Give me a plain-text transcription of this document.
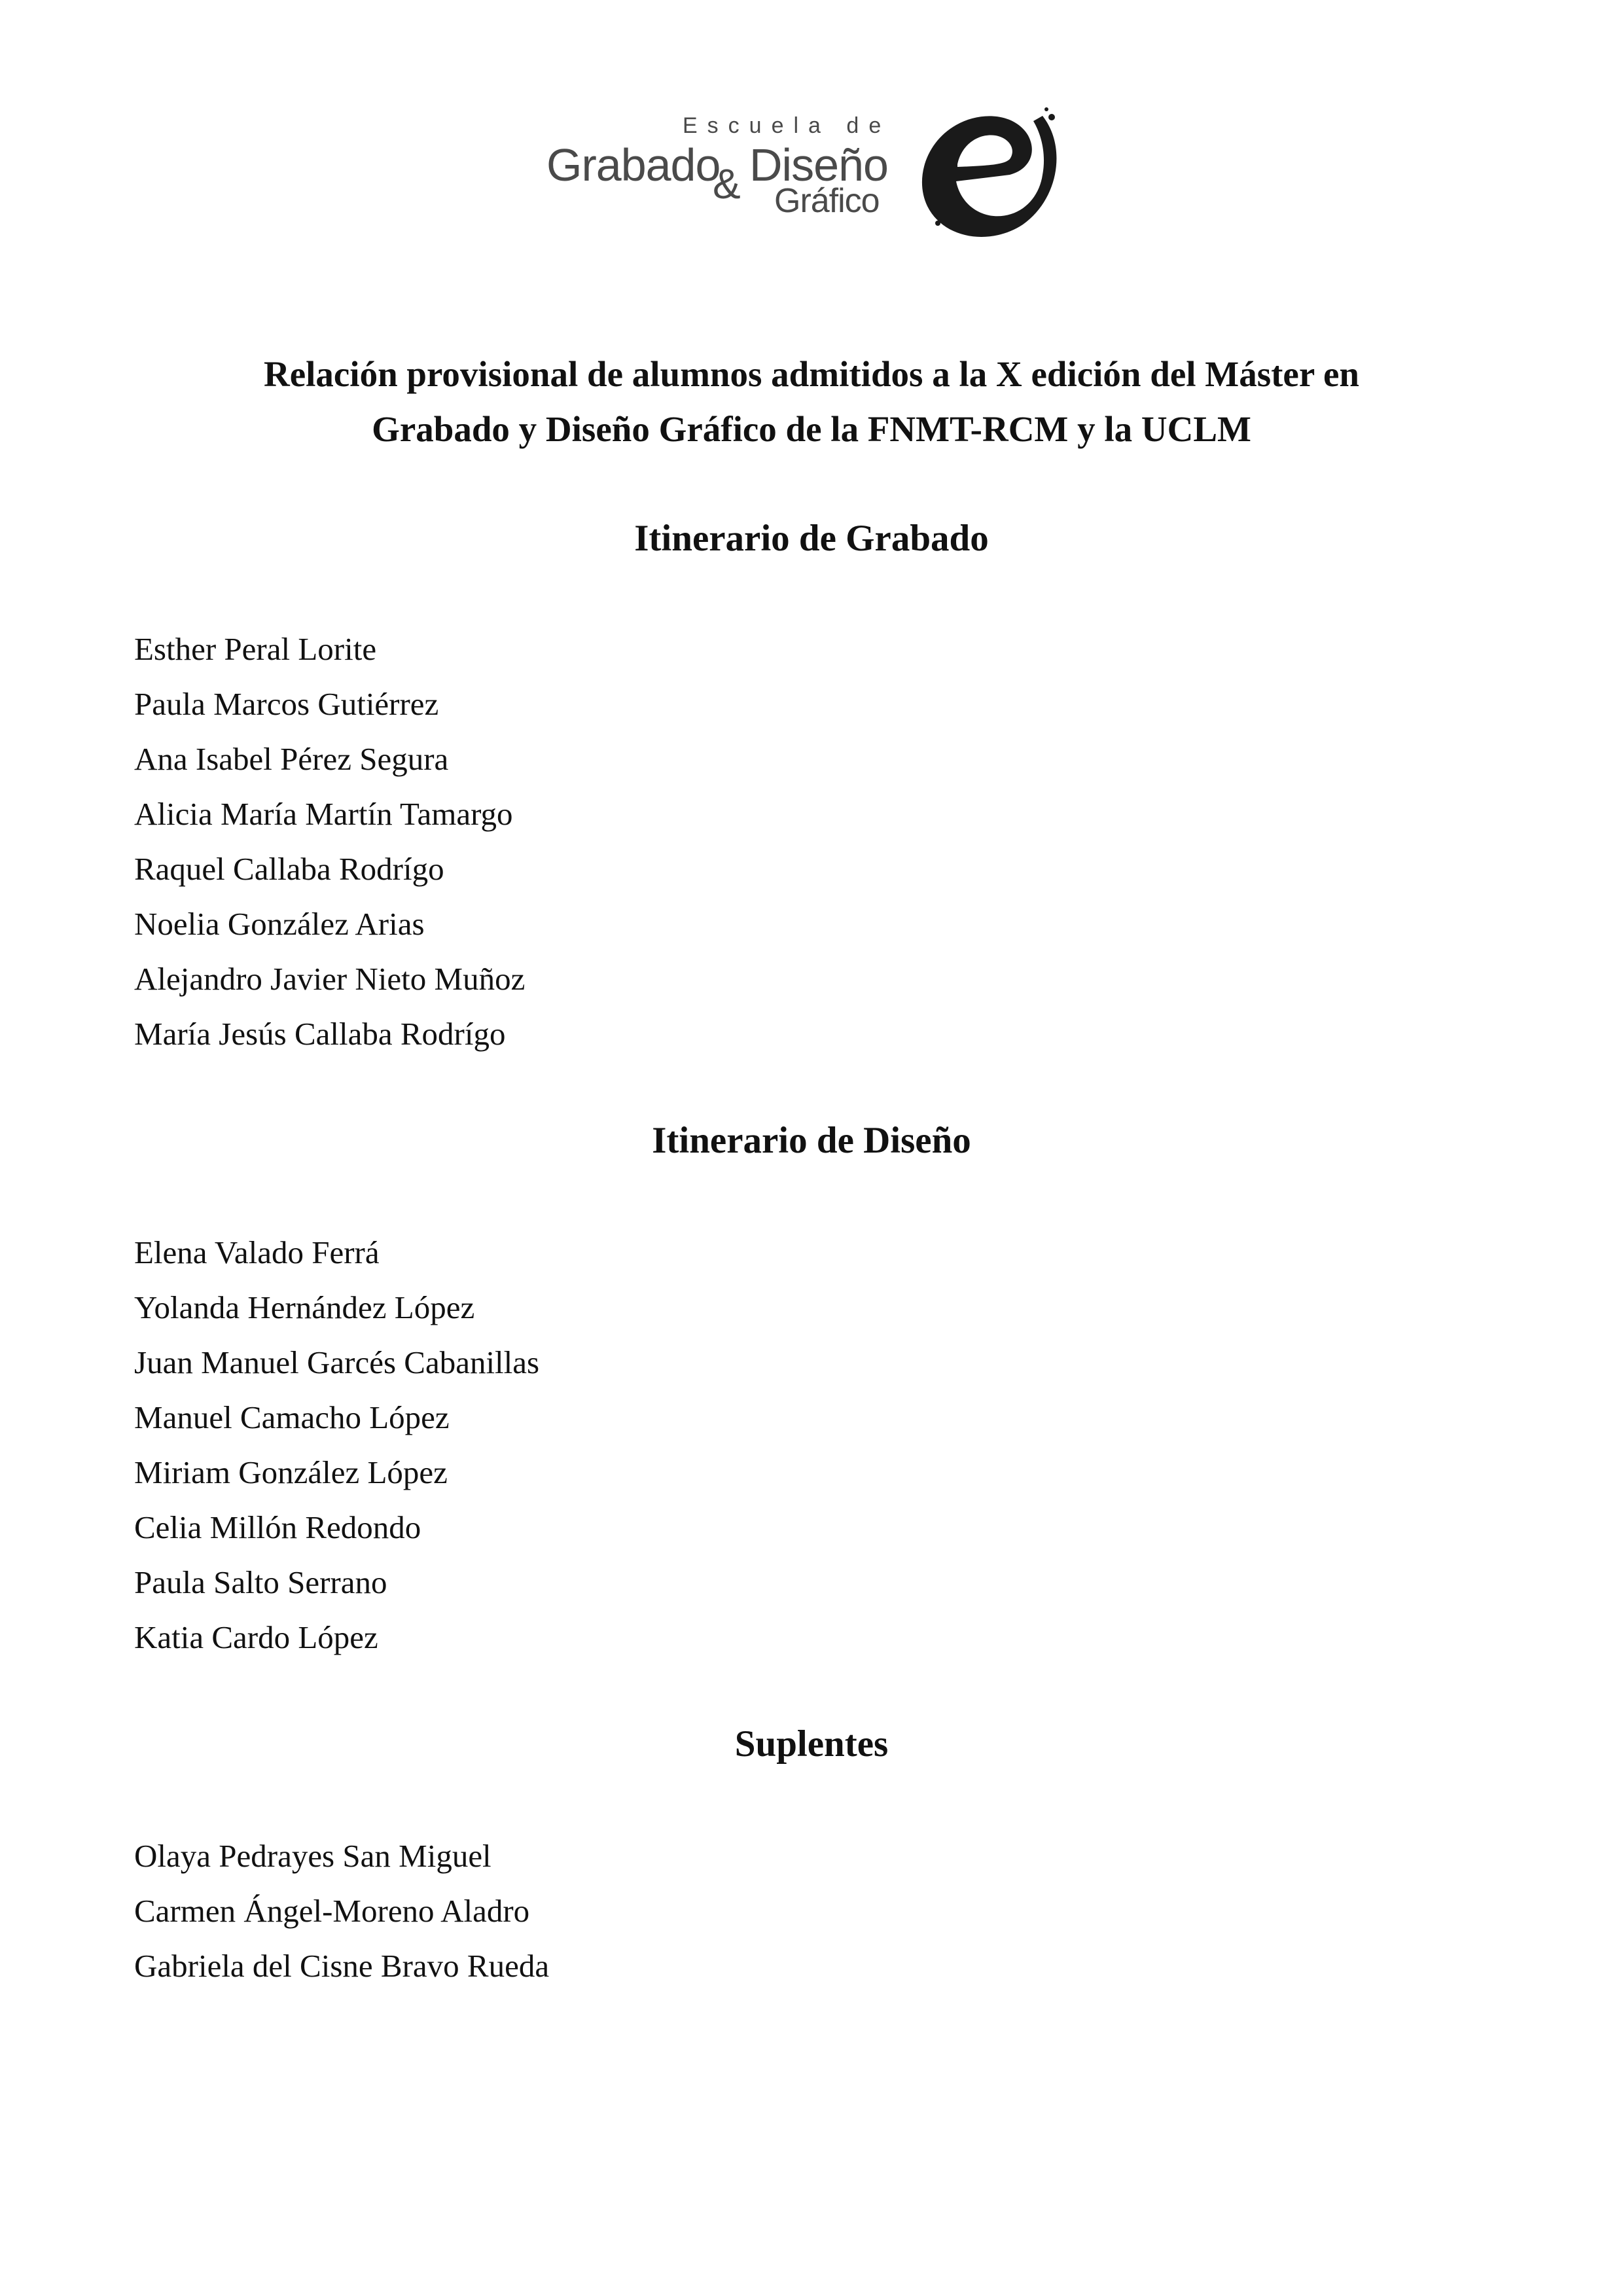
Escuela de
Grabado
& Diseño
Gráfico
Relación provisional de alumnos admitidos a la X edición del Máster en
Grabado y Diseño Gráfico de la FNMT-RCM y la UCLM
Itinerario de Grabado
Esther Peral Lorite
Paula Marcos Gutiérrez
Ana Isabel Pérez Segura
Alicia María Martín Tamargo
Raquel Callaba Rodrígo
Noelia González Arias
Alejandro Javier Nieto Muñoz
María Jesús Callaba Rodrígo
Itinerario de Diseño
Elena Valado Ferrá
Yolanda Hernández López
Juan Manuel Garcés Cabanillas
Manuel Camacho López
Miriam González López
Celia Millón Redondo
Paula Salto Serrano
Katia Cardo López
Suplentes
Olaya Pedrayes San Miguel
Carmen Ángel-Moreno Aladro
Gabriela del Cisne Bravo Rueda
